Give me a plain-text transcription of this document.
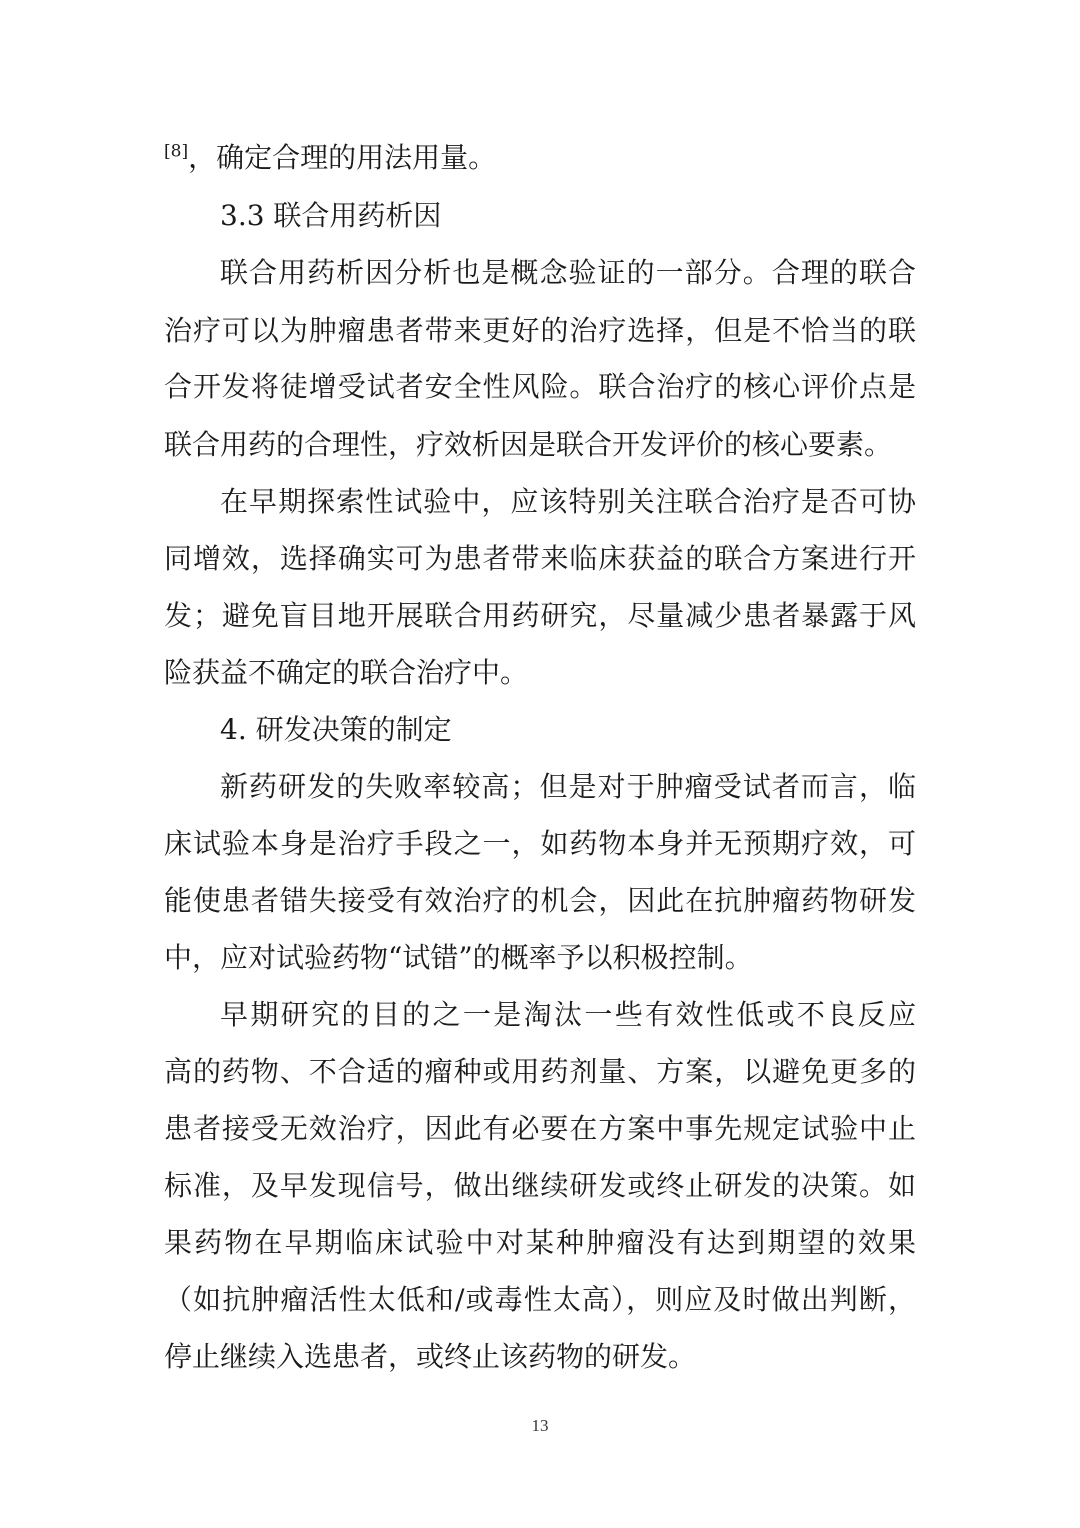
[8]，确定合理的用法用量。
3.3 联合用药析因
联合用药析因分析也是概念验证的一部分。合理的联合
治疗可以为肿瘤患者带来更好的治疗选择，但是不恰当的联
合开发将徒增受试者安全性风险。联合治疗的核心评价点是
联合用药的合理性，疗效析因是联合开发评价的核心要素。
在早期探索性试验中，应该特别关注联合治疗是否可协
同增效，选择确实可为患者带来临床获益的联合方案进行开
发；避免盲目地开展联合用药研究，尽量减少患者暴露于风
险获益不确定的联合治疗中。
4. 研发决策的制定
新药研发的失败率较高；但是对于肿瘤受试者而言，临
床试验本身是治疗手段之一，如药物本身并无预期疗效，可
能使患者错失接受有效治疗的机会，因此在抗肿瘤药物研发
中，应对试验药物“试错”的概率予以积极控制。
早期研究的目的之一是淘汰一些有效性低或不良反应
高的药物、不合适的瘤种或用药剂量、方案，以避免更多的
患者接受无效治疗，因此有必要在方案中事先规定试验中止
标准，及早发现信号，做出继续研发或终止研发的决策。如
果药物在早期临床试验中对某种肿瘤没有达到期望的效果
（如抗肿瘤活性太低和/或毒性太高），则应及时做出判断，
停止继续入选患者，或终止该药物的研发。
13
